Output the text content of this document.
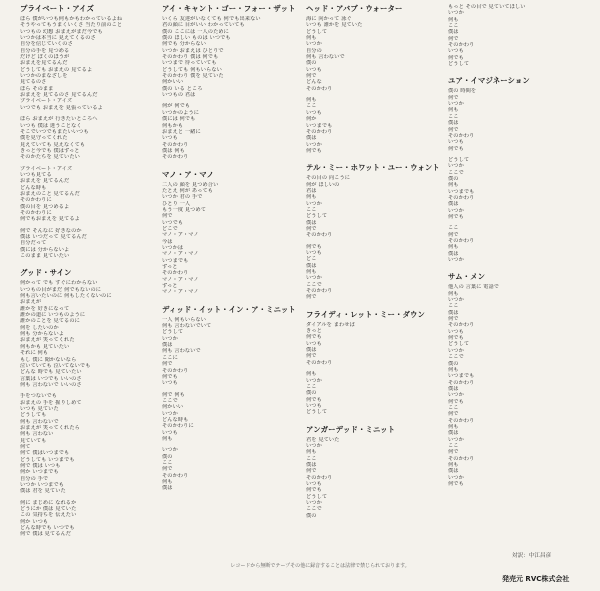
プライベート・アイズ
ほら 僕がいつも何もかもわかっているよね
そうやってもうまくいくさ 当たり前のこと
いつもの 幻想 おまえがまだ今でも
いつかは本当に 見えてくるのさ
自分を信じていくのさ
自分の手を 見つめる
だけど ぼくのほうが
おまえを見てるんだ
どうしても おまえの 見てるよ
いつかのまなざしを
見てるのさ
ほら そのまま
おまえを 見てるのさ 見てるんだ
プライベート・アイズ
いつでも おまえを 見張っているよ
ほら おまえが 行きたいところへ
いつも 僕は 迷うことなく
そこでいつでもまたいいつも
僕を見守ってくれた
見えていても 見えなくても
きっと今でも 僕はずっと
そのかたちを 見ていたい
プライベート・アイズ
いつも見てる
おまえを 見てるんだ
どんな時も
おまえのこと 見てるんだ
そのかわりに
僕の目を 見つめるよ
そのかわりに
何でもおまえを 見てるよ
何で そんなに 好きなのか
僕は いつだって 見てるんだ
自分だって
僕には 分からないよ
このまま 見ていたい
グッド・サイン
何かって でも すぐにわからない
いつもの目がまだ 何でもないのに
何も言いたいのに 何もしたくないのに
おまえが
誰かを 好きになって
誰かの道に いつものように
誰かのことを 見てるのに
何を したいのか
何も 分からないよ
おまえが 笑ってくれた
何もかも 見ていたい
それに 何も
もし 僕に 聞かないなら
泣いていても 泣いてないでも
どんな 時でも 見ていたい
言葉は いつでも いいのさ
何も 言わないで いいのさ
手をつないでも
おまえの 手を 握りしめて
いつも 見ていた
どうしても
何も 言わないで
おまえが 笑ってくれたら
何も 言わない
見ていても
何て
何て 僕はいつまでも
どうしても いつまでも
何で 僕は いつも
何か いつまでも
自分の 手で
いつか いつまでも
僕は 君を 見ていた
何に まじめに なれるか
どうにか 僕は 見ていた
この 気持ちを 伝えたい
何か いつも
どんな時でも いつでも
何で 僕は 見てるんだ
アイ・キャント・ゴー・フォー・ザット
いくら 友達がいなくても 何でも出来ない
君の顔に 目がいい わかっていても
僕の ここには 一人のために
僕の ほしい ものは いつでも
何でも 分からない
いつか おまえは ひとりで
そのかわり 僕は 何でも
いつまで 待っていても
どうしても 何もいらない
そのかわり 僕を 見ていた
何かいい
僕の いる ところ
いつもの 君は
何が 何でも
いつかのように
僕には 何でも
何もかも
おまえと 一緒に
いつも
そのかわり
僕は 何も
そのかわり
マノ・ア・マノ
二人の 顔を 見つめ合い
たとえ 何が あっても
いつか 君の 手で
ひとり 一人
もう一度 見つめて
何で
いつでも
どこで
マノ・ア・マノ
今は
いつかは
マノ・ア・マノ
いつまでも
ずっと
そのかわり
マノ・ア・マノ
ずっと
マノ・ア・マノ
ディッド・イット・イン・ア・ミニット
一人 何もいらない
何も 言わないでいて
どうして
いつか
僕は
何も 言わないで
ここに
何で
そのかわり
何でも
いつも
何で 何も
ここで
何かいい
いつか
どんな時も
そのかわりに
いつも
何も
いつか
僕の
ここ
何で
そのかわり
何も
僕は
ヘッド・アバブ・ウォーター
海に 向かって 泳ぐ
いつも 誰かを 見ていた
どうして
何も
いつか
自分の
何も 言わないで
僕の
いつも
何で
どんな
そのかわり
何も
ここ
いつも
何か
いつまでも
そのかわり
僕は
いつか
何でも
テル・ミー・ホワット・ユー・ウォント
その目の 向こうに
何が ほしいの
君は
何も
いつか
ここ
どうして
僕は
何で
そのかわり
何でも
いつも
どこ
僕は
何も
いつか
ここで
そのかわり
何で
フライディ・レット・ミー・ダウン
ダイアルを まわせば
きっと
何でも
いつも
僕は
何で
そのかわり
何も
いつか
ここ
僕の
何でも
いつも
どうして
アンガーデッド・ミニット
君を 見ていた
いつか
何も
ここ
僕は
何で
そのかわり
いつも
何でも
どうして
いつか
ここで
僕の
もっと その目で 見ていてほしい
いつか
何も
ここ
僕は
何で
そのかわり
いつも
何でも
どうして
ユア・イマジネーション
僕の 時間を
何で
いつか
何も
ここ
僕は
何で
そのかわり
いつも
何でも
どうして
いつか
ここで
僕の
何も
いつまでも
そのかわり
僕は
いつか
何でも
ここ
何で
そのかわり
何も
僕は
いつか
サム・メン
他人の 言葉に 電話で
何も
いつか
ここ
僕は
何で
そのかわり
いつも
何でも
どうして
いつか
ここで
僕の
何も
いつまでも
そのかわり
僕は
いつか
何でも
ここ
何で
そのかわり
何も
僕は
いつか
ここ
何で
そのかわり
何も
僕は
いつか
何でも
対訳：中江昌彦
レコードから無断でテープその他に録音することは法律で禁じられております。
発売元 RVC株式会社
